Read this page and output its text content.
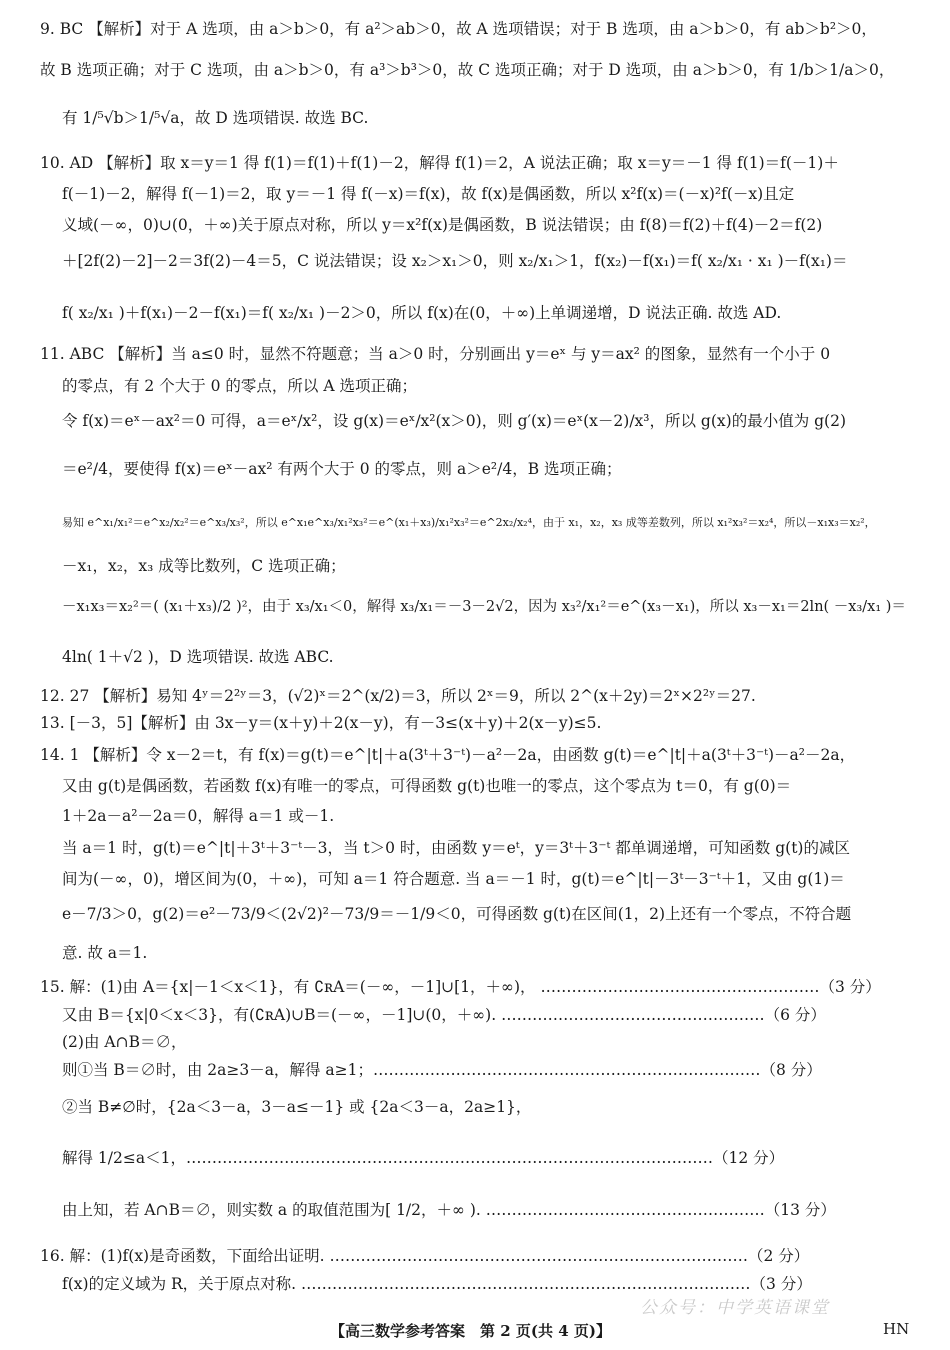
9. BC 【解析】对于 A 选项，由 a＞b＞0，有 a²＞ab＞0，故 A 选项错误；对于 B 选项，由 a＞b＞0，有 ab＞b²＞0，
故 B 选项正确；对于 C 选项，由 a＞b＞0，有 a³＞b³＞0，故 C 选项正确；对于 D 选项，由 a＞b＞0，有 1/b＞1/a＞0，
有 1/⁵√b＞1/⁵√a，故 D 选项错误. 故选 BC.
10. AD 【解析】取 x＝y＝1 得 f(1)＝f(1)＋f(1)－2，解得 f(1)＝2，A 说法正确；取 x＝y＝－1 得 f(1)＝f(－1)＋
f(－1)－2，解得 f(－1)＝2，取 y＝－1 得 f(－x)＝f(x)，故 f(x)是偶函数，所以 x²f(x)＝(－x)²f(－x)且定
义域(－∞，0)∪(0，＋∞)关于原点对称，所以 y＝x²f(x)是偶函数，B 说法错误；由 f(8)＝f(2)＋f(4)－2＝f(2)
＋[2f(2)－2]－2＝3f(2)－4＝5，C 说法错误；设 x₂＞x₁＞0，则 x₂/x₁＞1，f(x₂)－f(x₁)＝f( x₂/x₁ · x₁ )－f(x₁)＝
f( x₂/x₁ )＋f(x₁)－2－f(x₁)＝f( x₂/x₁ )－2＞0，所以 f(x)在(0，＋∞)上单调递增，D 说法正确. 故选 AD.
11. ABC 【解析】当 a≤0 时，显然不符题意；当 a＞0 时，分别画出 y＝eˣ 与 y＝ax² 的图象，显然有一个小于 0
的零点，有 2 个大于 0 的零点，所以 A 选项正确；
令 f(x)＝eˣ－ax²＝0 可得，a＝eˣ/x²，设 g(x)＝eˣ/x²(x＞0)，则 g′(x)＝eˣ(x－2)/x³，所以 g(x)的最小值为 g(2)
＝e²/4，要使得 f(x)＝eˣ－ax² 有两个大于 0 的零点，则 a＞e²/4，B 选项正确；
易知 e^x₁/x₁²＝e^x₂/x₂²＝e^x₃/x₃²，所以 e^x₁e^x₃/x₁²x₃²＝e^(x₁＋x₃)/x₁²x₃²＝e^2x₂/x₂⁴，由于 x₁，x₂，x₃ 成等差数列，所以 x₁²x₃²＝x₂⁴，所以－x₁x₃＝x₂²，
－x₁，x₂，x₃ 成等比数列，C 选项正确；
－x₁x₃＝x₂²＝( (x₁＋x₃)/2 )²，由于 x₃/x₁＜0，解得 x₃/x₁＝－3－2√2，因为 x₃²/x₁²＝e^(x₃－x₁)，所以 x₃－x₁＝2ln( －x₃/x₁ )＝
4ln( 1＋√2 )，D 选项错误. 故选 ABC.
12. 27 【解析】易知 4ʸ＝2²ʸ＝3，(√2)ˣ＝2^(x/2)＝3，所以 2ˣ＝9，所以 2^(x＋2y)＝2ˣ×2²ʸ＝27.
13. [－3，5]【解析】由 3x－y＝(x＋y)＋2(x－y)，有－3≤(x＋y)＋2(x－y)≤5.
14. 1 【解析】令 x－2＝t，有 f(x)＝g(t)＝e^|t|＋a(3ᵗ＋3⁻ᵗ)－a²－2a，由函数 g(t)＝e^|t|＋a(3ᵗ＋3⁻ᵗ)－a²－2a，
又由 g(t)是偶函数，若函数 f(x)有唯一的零点，可得函数 g(t)也唯一的零点，这个零点为 t＝0，有 g(0)＝
1＋2a－a²－2a＝0，解得 a＝1 或－1.
当 a＝1 时，g(t)＝e^|t|＋3ᵗ＋3⁻ᵗ－3，当 t＞0 时，由函数 y＝eᵗ，y＝3ᵗ＋3⁻ᵗ 都单调递增，可知函数 g(t)的减区
间为(－∞，0)，增区间为(0，＋∞)，可知 a＝1 符合题意. 当 a＝－1 时，g(t)＝e^|t|－3ᵗ－3⁻ᵗ＋1，又由 g(1)＝
e－7/3＞0，g(2)＝e²－73/9＜(2√2)²－73/9＝－1/9＜0，可得函数 g(t)在区间(1，2)上还有一个零点，不符合题
意. 故 a＝1.
15. 解：(1)由 A＝{x|－1＜x＜1}，有 ∁ʀA＝(－∞，－1]∪[1，＋∞)， ………………………………………………（3 分）
又由 B＝{x|0＜x＜3}，有(∁ʀA)∪B＝(－∞，－1]∪(0，＋∞). ……………………………………………（6 分）
(2)由 A∩B＝∅，
则①当 B＝∅时，由 2a≥3－a，解得 a≥1；…………………………………………………………………（8 分）
②当 B≠∅时，{2a＜3－a，3－a≤－1} 或 {2a＜3－a，2a≥1}，
解得 1/2≤a＜1，…………………………………………………………………………………………（12 分）
由上知，若 A∩B＝∅，则实数 a 的取值范围为[ 1/2，＋∞ ). ………………………………………………（13 分）
16. 解：(1)f(x)是奇函数，下面给出证明. ………………………………………………………………………（2 分）
f(x)的定义域为 R，关于原点对称. ……………………………………………………………………………（3 分）
公众号：中学英语课堂
【高三数学参考答案　第 2 页(共 4 页)】	HN
